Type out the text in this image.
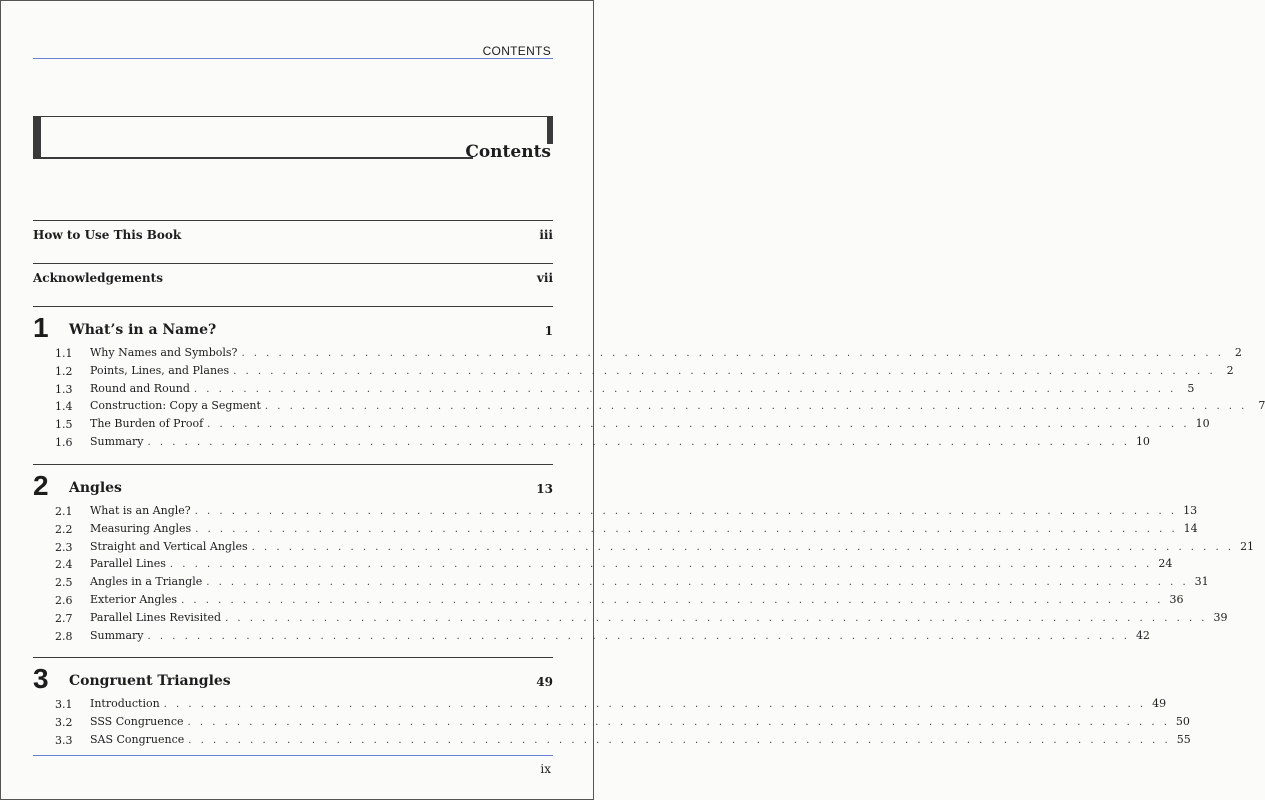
CONTENTS
Contents
How to Use This Book	iii
Acknowledgements	vii
1 What’s in a Name?	1
1.1 Why Names and Symbols? . . . . . . . . . . . . . . . . . . . . . . . . . . . . . . . . . . . . . . . . . . . . . . . . . . . . . . . . . . . . . . . . . . . . . . . . . . . . . . . .	2
1.2 Points, Lines, and Planes . . . . . . . . . . . . . . . . . . . . . . . . . . . . . . . . . . . . . . . . . . . . . . . . . . . . . . . . . . . . . . . . . . . . . . . . . . . . . . . .	2
1.3 Round and Round . . . . . . . . . . . . . . . . . . . . . . . . . . . . . . . . . . . . . . . . . . . . . . . . . . . . . . . . . . . . . . . . . . . . . . . . . . . . . . . .	5
1.4 Construction: Copy a Segment . . . . . . . . . . . . . . . . . . . . . . . . . . . . . . . . . . . . . . . . . . . . . . . . . . . . . . . . . . . . . . . . . . . . . . . . . . . . . . . .	7
1.5 The Burden of Proof . . . . . . . . . . . . . . . . . . . . . . . . . . . . . . . . . . . . . . . . . . . . . . . . . . . . . . . . . . . . . . . . . . . . . . . . . . . . . . . . 10
1.6 Summary . . . . . . . . . . . . . . . . . . . . . . . . . . . . . . . . . . . . . . . . . . . . . . . . . . . . . . . . . . . . . . . . . . . . . . . . . . . . . . . . 10
2 Angles	13
2.1 What is an Angle? . . . . . . . . . . . . . . . . . . . . . . . . . . . . . . . . . . . . . . . . . . . . . . . . . . . . . . . . . . . . . . . . . . . . . . . . . . . . . . . . 13
2.2 Measuring Angles . . . . . . . . . . . . . . . . . . . . . . . . . . . . . . . . . . . . . . . . . . . . . . . . . . . . . . . . . . . . . . . . . . . . . . . . . . . . . . . . 14
2.3 Straight and Vertical Angles . . . . . . . . . . . . . . . . . . . . . . . . . . . . . . . . . . . . . . . . . . . . . . . . . . . . . . . . . . . . . . . . . . . . . . . . . . . . . . . . 21
2.4 Parallel Lines . . . . . . . . . . . . . . . . . . . . . . . . . . . . . . . . . . . . . . . . . . . . . . . . . . . . . . . . . . . . . . . . . . . . . . . . . . . . . . . . 24
2.5 Angles in a Triangle . . . . . . . . . . . . . . . . . . . . . . . . . . . . . . . . . . . . . . . . . . . . . . . . . . . . . . . . . . . . . . . . . . . . . . . . . . . . . . . . 31
2.6 Exterior Angles . . . . . . . . . . . . . . . . . . . . . . . . . . . . . . . . . . . . . . . . . . . . . . . . . . . . . . . . . . . . . . . . . . . . . . . . . . . . . . . . 36
2.7 Parallel Lines Revisited . . . . . . . . . . . . . . . . . . . . . . . . . . . . . . . . . . . . . . . . . . . . . . . . . . . . . . . . . . . . . . . . . . . . . . . . . . . . . . . . 39
2.8 Summary . . . . . . . . . . . . . . . . . . . . . . . . . . . . . . . . . . . . . . . . . . . . . . . . . . . . . . . . . . . . . . . . . . . . . . . . . . . . . . . . 42
3 Congruent Triangles	49
3.1 Introduction . . . . . . . . . . . . . . . . . . . . . . . . . . . . . . . . . . . . . . . . . . . . . . . . . . . . . . . . . . . . . . . . . . . . . . . . . . . . . . . . 49
3.2 SSS Congruence . . . . . . . . . . . . . . . . . . . . . . . . . . . . . . . . . . . . . . . . . . . . . . . . . . . . . . . . . . . . . . . . . . . . . . . . . . . . . . . . 50
3.3 SAS Congruence . . . . . . . . . . . . . . . . . . . . . . . . . . . . . . . . . . . . . . . . . . . . . . . . . . . . . . . . . . . . . . . . . . . . . . . . . . . . . . . . 55
ix
